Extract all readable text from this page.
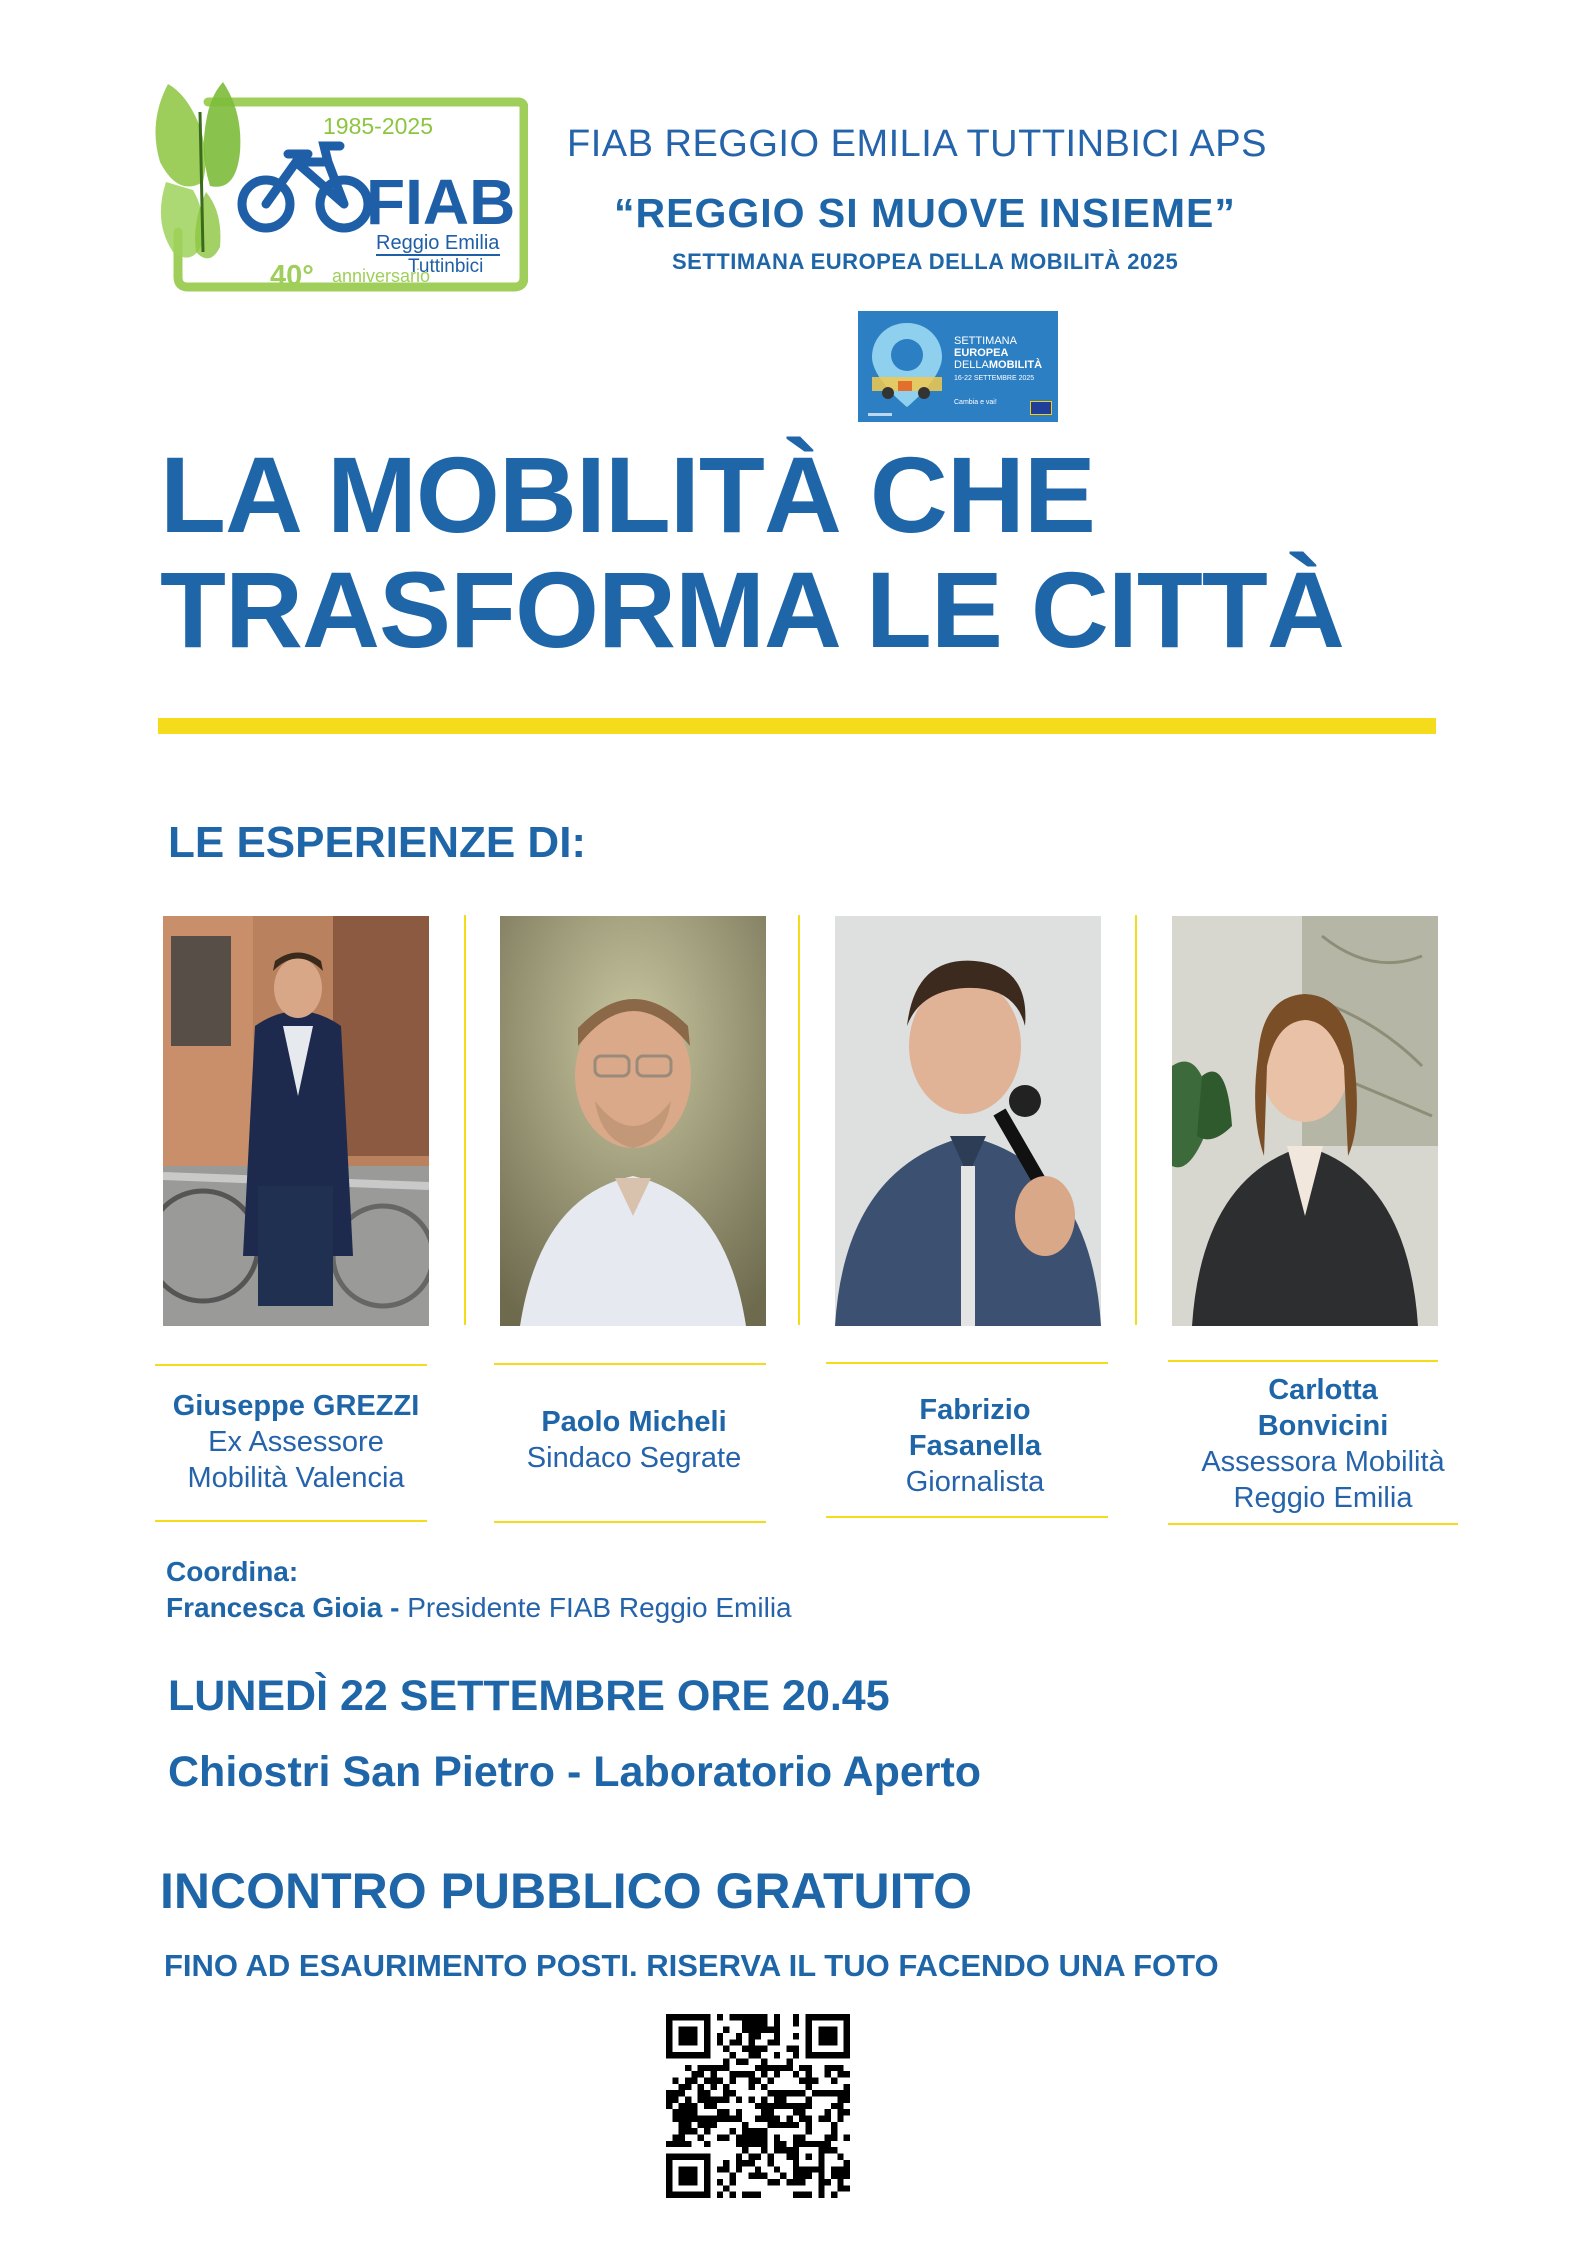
1985-2025
FIAB
Reggio Emilia
Tuttinbici
40° anniversario
FIAB REGGIO EMILIA TUTTINBICI APS
“REGGIO SI MUOVE INSIEME”
SETTIMANA EUROPEA DELLA MOBILITÀ 2025
SETTIMANA
EUROPEA
DELLAMOBILITÀ
16-22 SETTEMBRE 2025
Cambia e vai!
LA MOBILITÀ CHE
TRASFORMA LE CITTÀ
LE ESPERIENZE DI:
Giuseppe GREZZI
Ex Assessore
Mobilità Valencia
Paolo Micheli
Sindaco Segrate
Fabrizio
Fasanella
Giornalista
Carlotta
Bonvicini
Assessora Mobilità
Reggio Emilia
Coordina:
Francesca Gioia - Presidente FIAB Reggio Emilia
LUNEDÌ 22 SETTEMBRE ORE 20.45
Chiostri San Pietro - Laboratorio Aperto
INCONTRO PUBBLICO GRATUITO
FINO AD ESAURIMENTO POSTI. RISERVA IL TUO FACENDO UNA FOTO
